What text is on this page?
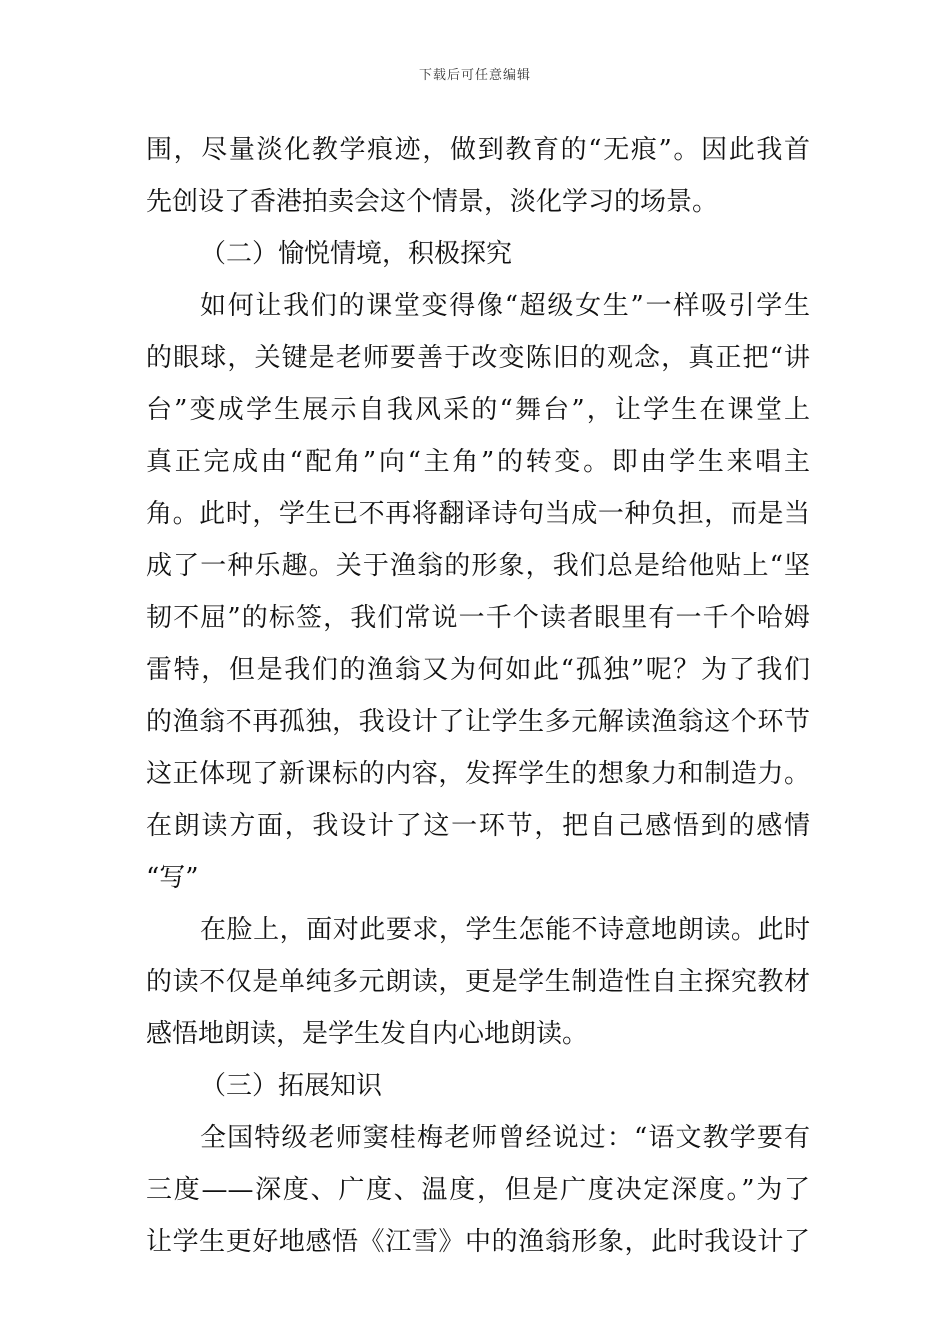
下载后可任意编辑
围，尽量淡化教学痕迹，做到教育的“无痕”。因此我首
先创设了香港拍卖会这个情景，淡化学习的场景。
（二）愉悦情境，积极探究
如何让我们的课堂变得像“超级女生”一样吸引学生
的眼球，关键是老师要善于改变陈旧的观念，真正把“讲
台”变成学生展示自我风采的“舞台”，让学生在课堂上
真正完成由“配角”向“主角”的转变。即由学生来唱主
角。此时，学生已不再将翻译诗句当成一种负担，而是当
成了一种乐趣。关于渔翁的形象，我们总是给他贴上“坚
韧不屈”的标签，我们常说一千个读者眼里有一千个哈姆
雷特，但是我们的渔翁又为何如此“孤独”呢？为了我们
的渔翁不再孤独，我设计了让学生多元解读渔翁这个环节
这正体现了新课标的内容，发挥学生的想象力和制造力。
在朗读方面，我设计了这一环节，把自己感悟到的感情
“写”
在脸上，面对此要求，学生怎能不诗意地朗读。此时
的读不仅是单纯多元朗读，更是学生制造性自主探究教材
感悟地朗读，是学生发自内心地朗读。
（三）拓展知识
全国特级老师窦桂梅老师曾经说过：“语文教学要有
三度——深度、广度、温度，但是广度决定深度。”为了
让学生更好地感悟《江雪》中的渔翁形象，此时我设计了
